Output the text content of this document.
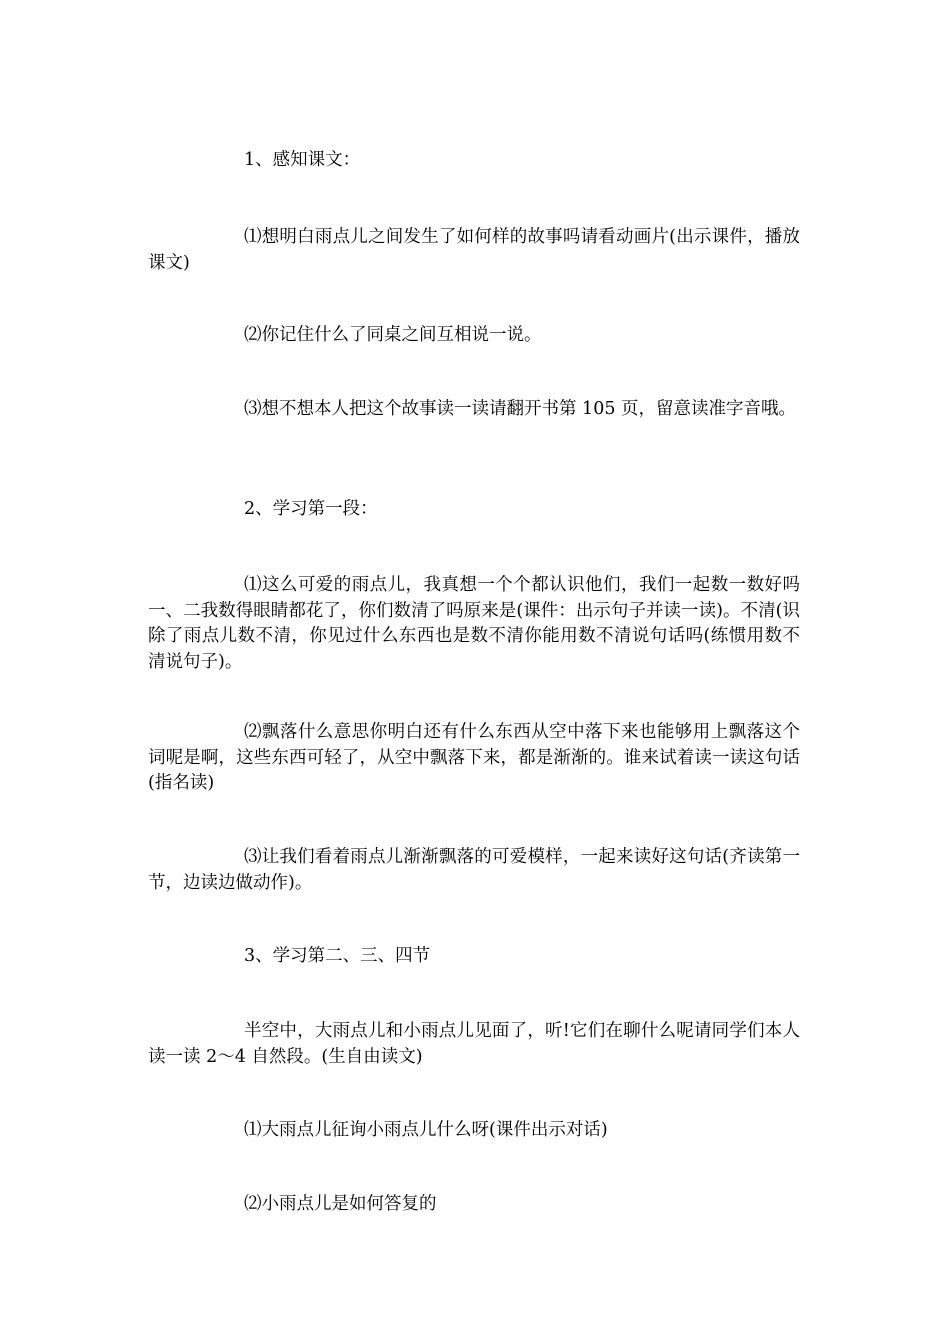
1、感知课文：

⑴想明白雨点儿之间发生了如何样的故事吗请看动画片(出示课件，播放课文)

⑵你记住什么了同桌之间互相说一说。

⑶想不想本人把这个故事读一读请翻开书第 105 页，留意读准字音哦。

2、学习第一段：

⑴这么可爱的雨点儿，我真想一个个都认识他们，我们一起数一数好吗一、二我数得眼睛都花了，你们数清了吗原来是(课件：出示句子并读一读)。不清(识除了雨点儿数不清，你见过什么东西也是数不清你能用数不清说句话吗(练惯用数不清说句子)。

⑵飘落什么意思你明白还有什么东西从空中落下来也能够用上飘落这个词呢是啊，这些东西可轻了，从空中飘落下来，都是渐渐的。谁来试着读一读这句话(指名读)

⑶让我们看着雨点儿渐渐飘落的可爱模样，一起来读好这句话(齐读第一节，边读边做动作)。

3、学习第二、三、四节

半空中，大雨点儿和小雨点儿见面了，听!它们在聊什么呢请同学们本人读一读 2～4 自然段。(生自由读文)

⑴大雨点儿征询小雨点儿什么呀(课件出示对话)

⑵小雨点儿是如何答复的
